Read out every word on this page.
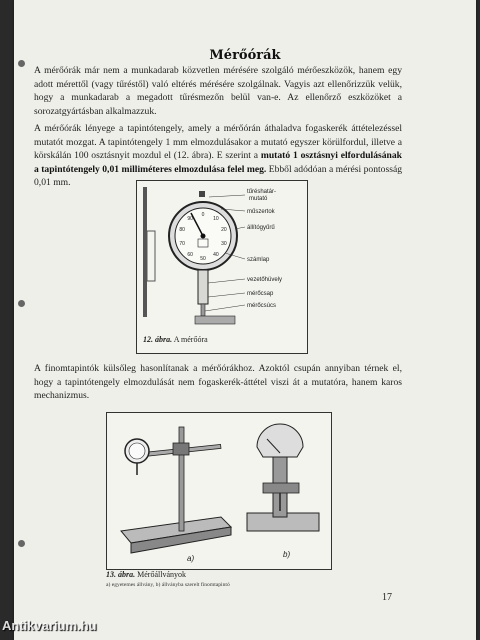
Mérőórák

A mérőórák már nem a munkadarab közvetlen mérésére szolgáló mérőeszközök, hanem egy adott mérettől (vagy tűréstől) való eltérés mérésére szolgálnak. Vagyis azt ellenőrizzük velük, hogy a munkadarab a megadott tűrésmezőn belül van-e. Az ellenőrző eszközöket a sorozatgyártásban alkalmazzuk.

A mérőórák lényege a tapintótengely, amely a mérőórán áthaladva fogaskerék áttételezéssel mutatót mozgat. A tapintótengely 1 mm elmozdulásakor a mutató egyszer körülfordul, illetve a körskálán 100 osztásnyit mozdul el (12. ábra). E szerint a mutató 1 osztásnyi elfordulásának a tapintótengely 0,01 milliméteres elmozdulása felel meg. Ebből adódóan a mérési pontosság 0,01 mm.

0
10
20
30
40
50
60
70
80
90
tűréshatár-
mutató
műszertok
állítógyűrű
számlap
vezetőhüvely
mérőcsap
mérőcsúcs
12. ábra. A mérőóra

A finomtapintók külsőleg hasonlítanak a mérőórákhoz. Azoktól csupán annyiban térnek el, hogy a tapintótengely elmozdulását nem fogaskerék-áttétel viszi át a mutatóra, hanem karos mechanizmus.

a)	b)
13. ábra. Mérőállványok
a) egyetemes állvány, b) állványba szerelt finomtapintó
17
Antikvarium.hu
